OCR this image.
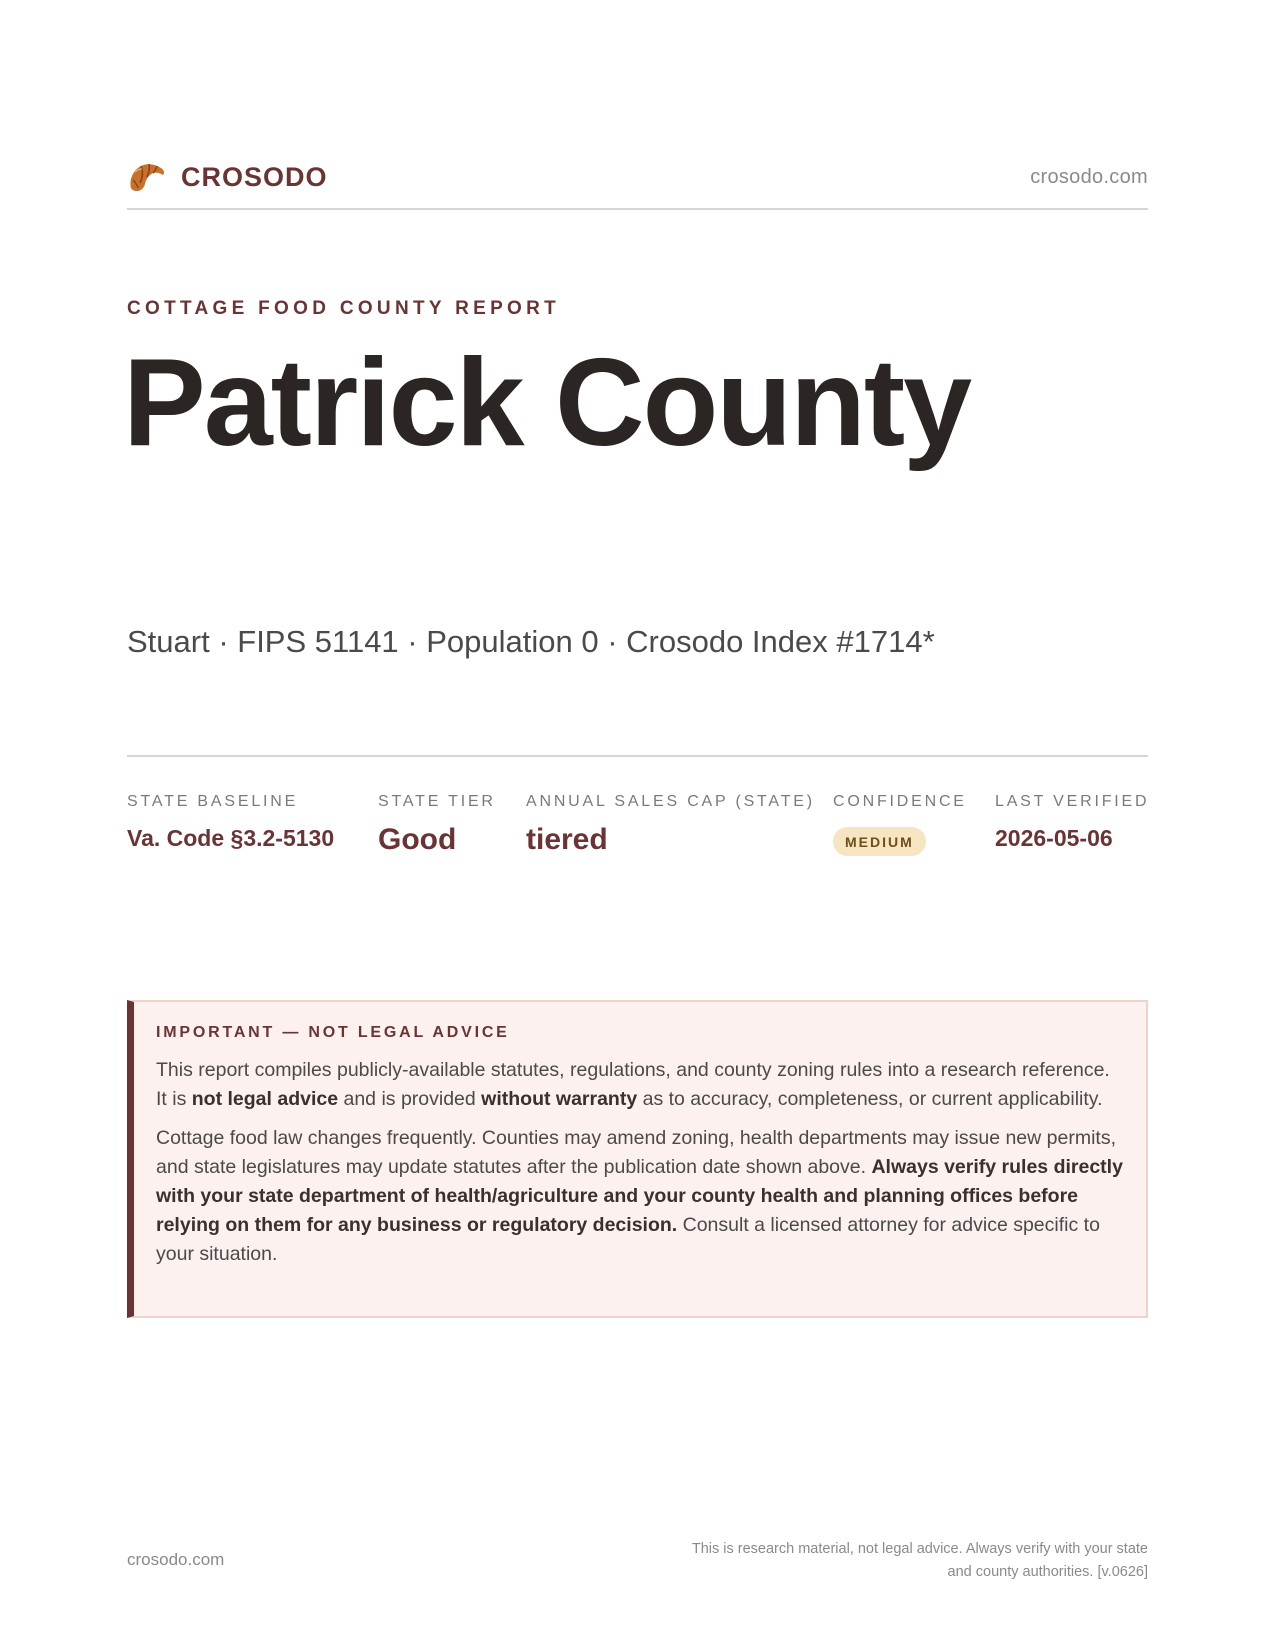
CROSODO	crosodo.com
COTTAGE FOOD COUNTY REPORT
Patrick County
Stuart · FIPS 51141 · Population 0 · Crosodo Index #1714*
STATE BASELINE
Va. Code §3.2-5130
STATE TIER
Good
ANNUAL SALES CAP (STATE)
tiered
CONFIDENCE
MEDIUM
LAST VERIFIED
2026-05-06
IMPORTANT — NOT LEGAL ADVICE

This report compiles publicly-available statutes, regulations, and county zoning rules into a research reference. It is not legal advice and is provided without warranty as to accuracy, completeness, or current applicability.

Cottage food law changes frequently. Counties may amend zoning, health departments may issue new permits, and state legislatures may update statutes after the publication date shown above. Always verify rules directly with your state department of health/agriculture and your county health and planning offices before relying on them for any business or regulatory decision. Consult a licensed attorney for advice specific to your situation.

crosodo.com
This is research material, not legal advice. Always verify with your state
and county authorities. [v.0626]
